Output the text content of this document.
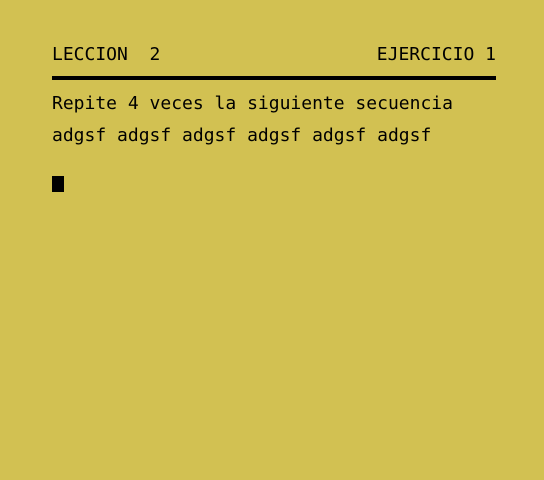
LECCION  2	EJERCICIO 1
Repite 4 veces la siguiente secuencia
adgsf adgsf adgsf adgsf adgsf adgsf
